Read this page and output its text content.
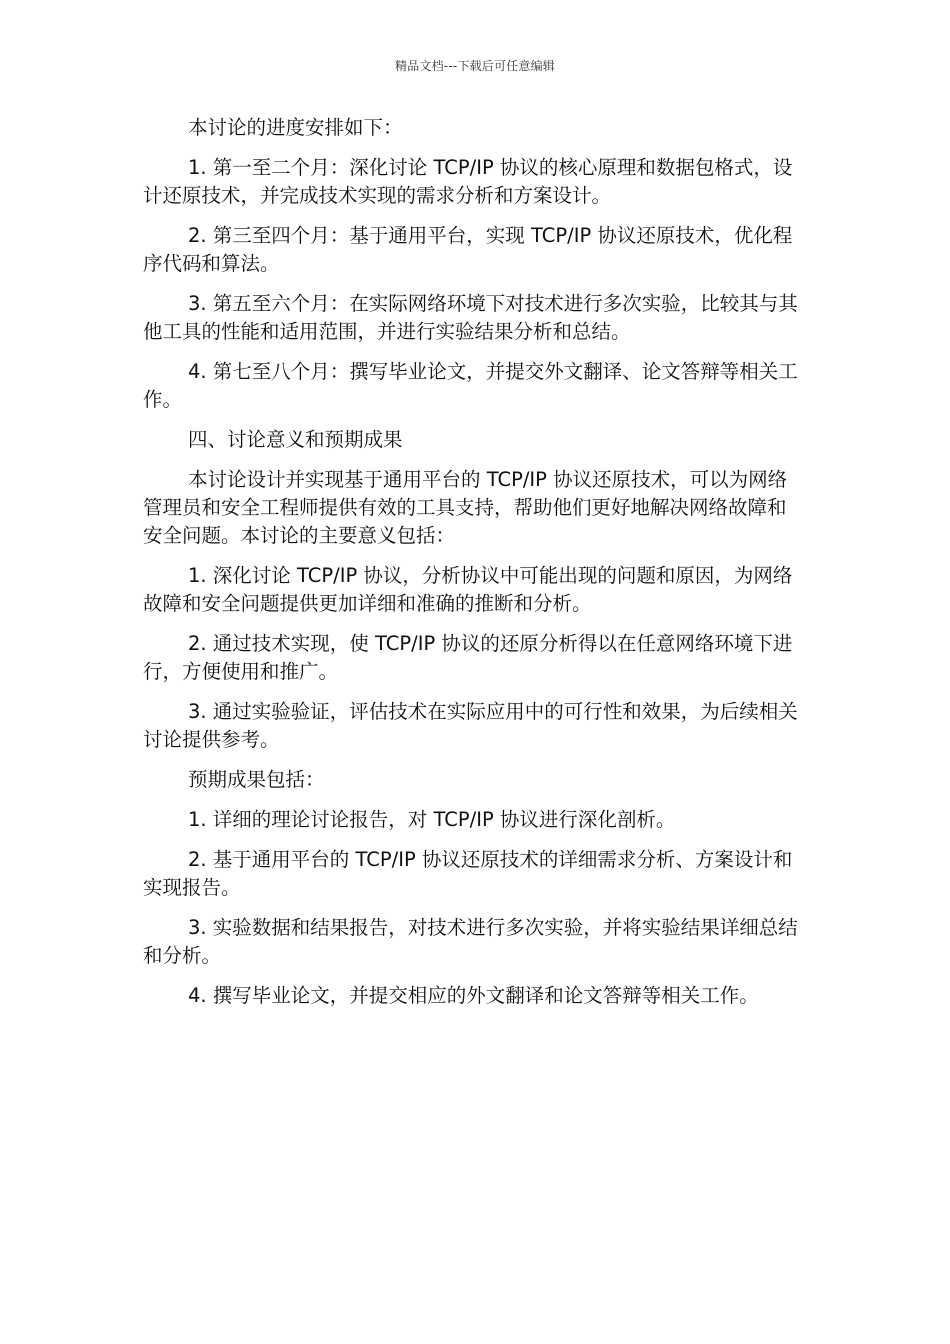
精品文档---下载后可任意编辑

本讨论的进度安排如下：

1. 第一至二个月：深化讨论 TCP/IP 协议的核心原理和数据包格式，设计还原技术，并完成技术实现的需求分析和方案设计。

2. 第三至四个月：基于通用平台，实现 TCP/IP 协议还原技术，优化程序代码和算法。

3. 第五至六个月：在实际网络环境下对技术进行多次实验，比较其与其他工具的性能和适用范围，并进行实验结果分析和总结。

4. 第七至八个月：撰写毕业论文，并提交外文翻译、论文答辩等相关工作。

四、讨论意义和预期成果

本讨论设计并实现基于通用平台的 TCP/IP 协议还原技术，可以为网络管理员和安全工程师提供有效的工具支持，帮助他们更好地解决网络故障和安全问题。本讨论的主要意义包括：

1. 深化讨论 TCP/IP 协议，分析协议中可能出现的问题和原因，为网络故障和安全问题提供更加详细和准确的推断和分析。

2. 通过技术实现，使 TCP/IP 协议的还原分析得以在任意网络环境下进行，方便使用和推广。

3. 通过实验验证，评估技术在实际应用中的可行性和效果，为后续相关讨论提供参考。

预期成果包括：

1. 详细的理论讨论报告，对 TCP/IP 协议进行深化剖析。

2. 基于通用平台的 TCP/IP 协议还原技术的详细需求分析、方案设计和实现报告。

3. 实验数据和结果报告，对技术进行多次实验，并将实验结果详细总结和分析。

4. 撰写毕业论文，并提交相应的外文翻译和论文答辩等相关工作。
